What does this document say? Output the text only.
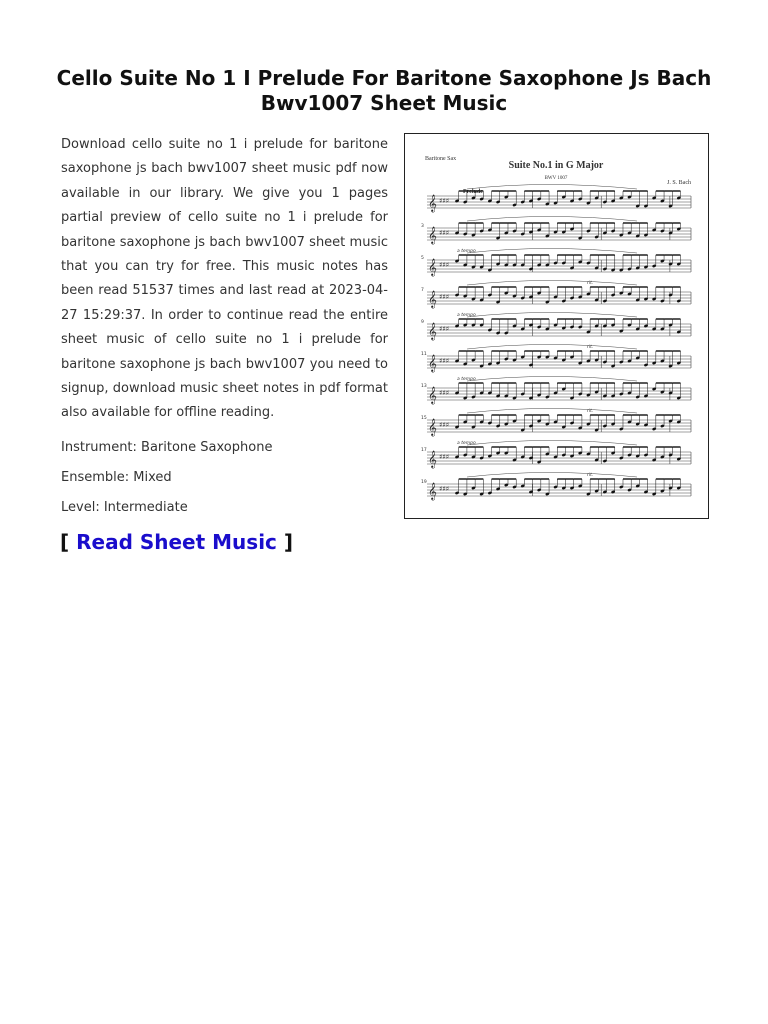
Cello Suite No 1 I Prelude For Baritone Saxophone Js Bach Bwv1007 Sheet Music

Download cello suite no 1 i prelude for baritone saxophone js bach bwv1007 sheet music pdf now available in our library. We give you 1 pages partial preview of cello suite no 1 i prelude for baritone saxophone js bach bwv1007 sheet music that you can try for free. This music notes has been read 51537 times and last read at 2023-04-27 15:29:37. In order to continue read the entire sheet music of cello suite no 1 i prelude for baritone saxophone js bach bwv1007 you need to signup, download music sheet notes in pdf format also available for offline reading.

Instrument: Baritone Saxophone

Ensemble: Mixed

Level: Intermediate

[ Read Sheet Music ]
Baritone Sax
Suite No.1 in G Major
BWV 1007
J. S. Bach
Prelude
𝄞 ♯♯♯
𝄞 ♯♯♯
3
𝄞 ♯♯♯
5
a tempo
𝄞 ♯♯♯
7
rit.
𝄞 ♯♯♯
9
a tempo
𝄞 ♯♯♯
11
rit.
𝄞 ♯♯♯
13
a tempo
𝄞 ♯♯♯
15
rit.
𝄞 ♯♯♯
17
a tempo
𝄞 ♯♯♯
19
rit.
